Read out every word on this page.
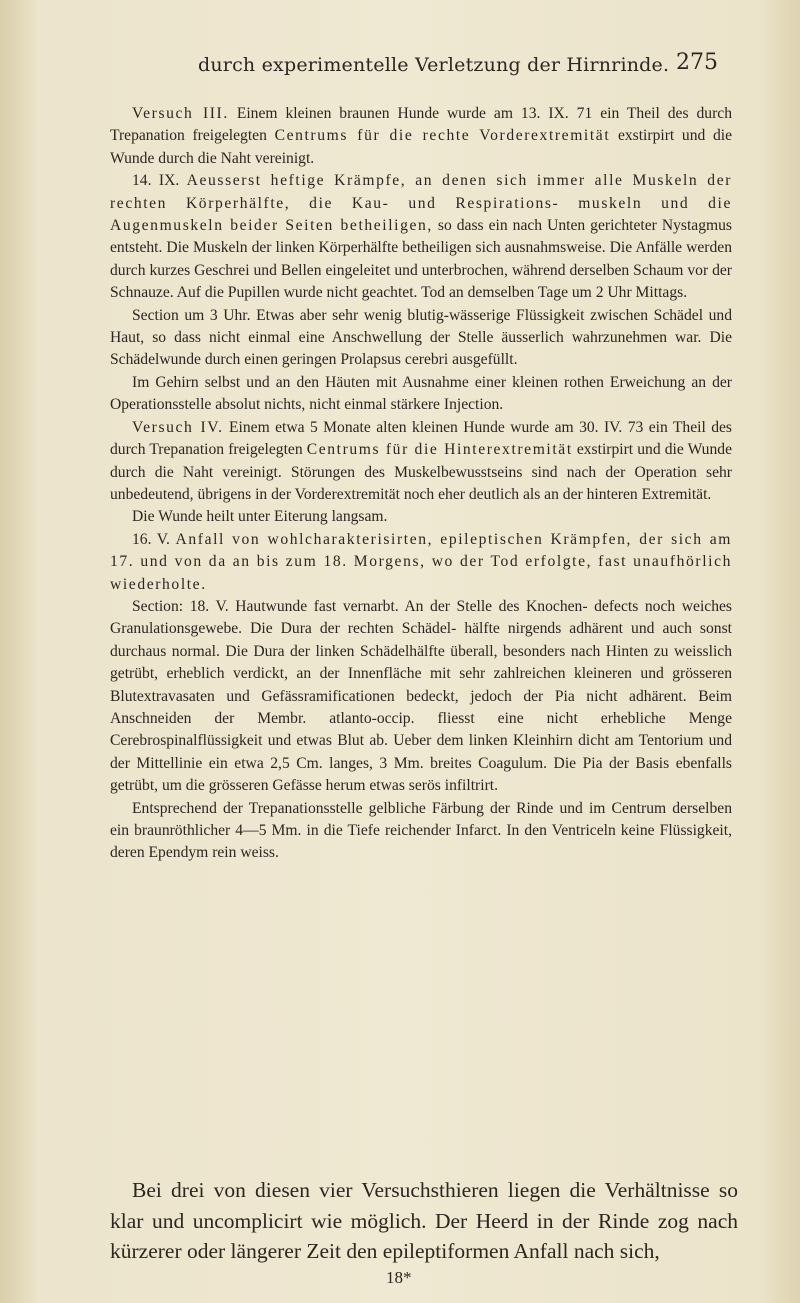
durch experimentelle Verletzung der Hirnrinde. 275

Versuch III. Einem kleinen braunen Hunde wurde am 13. IX. 71 ein Theil des durch Trepanation freigelegten Centrums für die rechte Vorderextremität exstirpirt und die Wunde durch die Naht vereinigt.

14. IX. Aeusserst heftige Krämpfe, an denen sich immer alle Muskeln der rechten Körperhälfte, die Kau- und Respirations- muskeln und die Augenmuskeln beider Seiten betheiligen, so dass ein nach Unten gerichteter Nystagmus entsteht. Die Muskeln der linken Körperhälfte betheiligen sich ausnahmsweise. Die Anfälle werden durch kurzes Geschrei und Bellen eingeleitet und unterbrochen, während derselben Schaum vor der Schnauze. Auf die Pupillen wurde nicht geachtet. Tod an demselben Tage um 2 Uhr Mittags.

Section um 3 Uhr. Etwas aber sehr wenig blutig-wässerige Flüssigkeit zwischen Schädel und Haut, so dass nicht einmal eine Anschwellung der Stelle äusserlich wahrzunehmen war. Die Schädelwunde durch einen geringen Prolapsus cerebri ausgefüllt.

Im Gehirn selbst und an den Häuten mit Ausnahme einer kleinen rothen Erweichung an der Operationsstelle absolut nichts, nicht einmal stärkere Injection.

Versuch IV. Einem etwa 5 Monate alten kleinen Hunde wurde am 30. IV. 73 ein Theil des durch Trepanation freigelegten Centrums für die Hinterextremität exstirpirt und die Wunde durch die Naht vereinigt. Störungen des Muskelbewusstseins sind nach der Operation sehr unbedeutend, übrigens in der Vorderextremität noch eher deutlich als an der hinteren Extremität.

Die Wunde heilt unter Eiterung langsam.

16. V. Anfall von wohlcharakterisirten, epileptischen Krämpfen, der sich am 17. und von da an bis zum 18. Morgens, wo der Tod erfolgte, fast unaufhörlich wiederholte.

Section: 18. V. Hautwunde fast vernarbt. An der Stelle des Knochen- defects noch weiches Granulationsgewebe. Die Dura der rechten Schädel- hälfte nirgends adhärent und auch sonst durchaus normal. Die Dura der linken Schädelhälfte überall, besonders nach Hinten zu weisslich getrübt, erheblich verdickt, an der Innenfläche mit sehr zahlreichen kleineren und grösseren Blutextravasaten und Gefässramificationen bedeckt, jedoch der Pia nicht adhärent. Beim Anschneiden der Membr. atlanto-occip. fliesst eine nicht erhebliche Menge Cerebrospinalflüssigkeit und etwas Blut ab. Ueber dem linken Kleinhirn dicht am Tentorium und der Mittellinie ein etwa 2,5 Cm. langes, 3 Mm. breites Coagulum. Die Pia der Basis ebenfalls getrübt, um die grösseren Gefässe herum etwas serös infiltrirt.

Entsprechend der Trepanationsstelle gelbliche Färbung der Rinde und im Centrum derselben ein braunröthlicher 4—5 Mm. in die Tiefe reichender Infarct. In den Ventriceln keine Flüssigkeit, deren Ependym rein weiss.

Bei drei von diesen vier Versuchsthieren liegen die Verhältnisse so klar und uncomplicirt wie möglich. Der Heerd in der Rinde zog nach kürzerer oder längerer Zeit den epileptiformen Anfall nach sich,

18*
